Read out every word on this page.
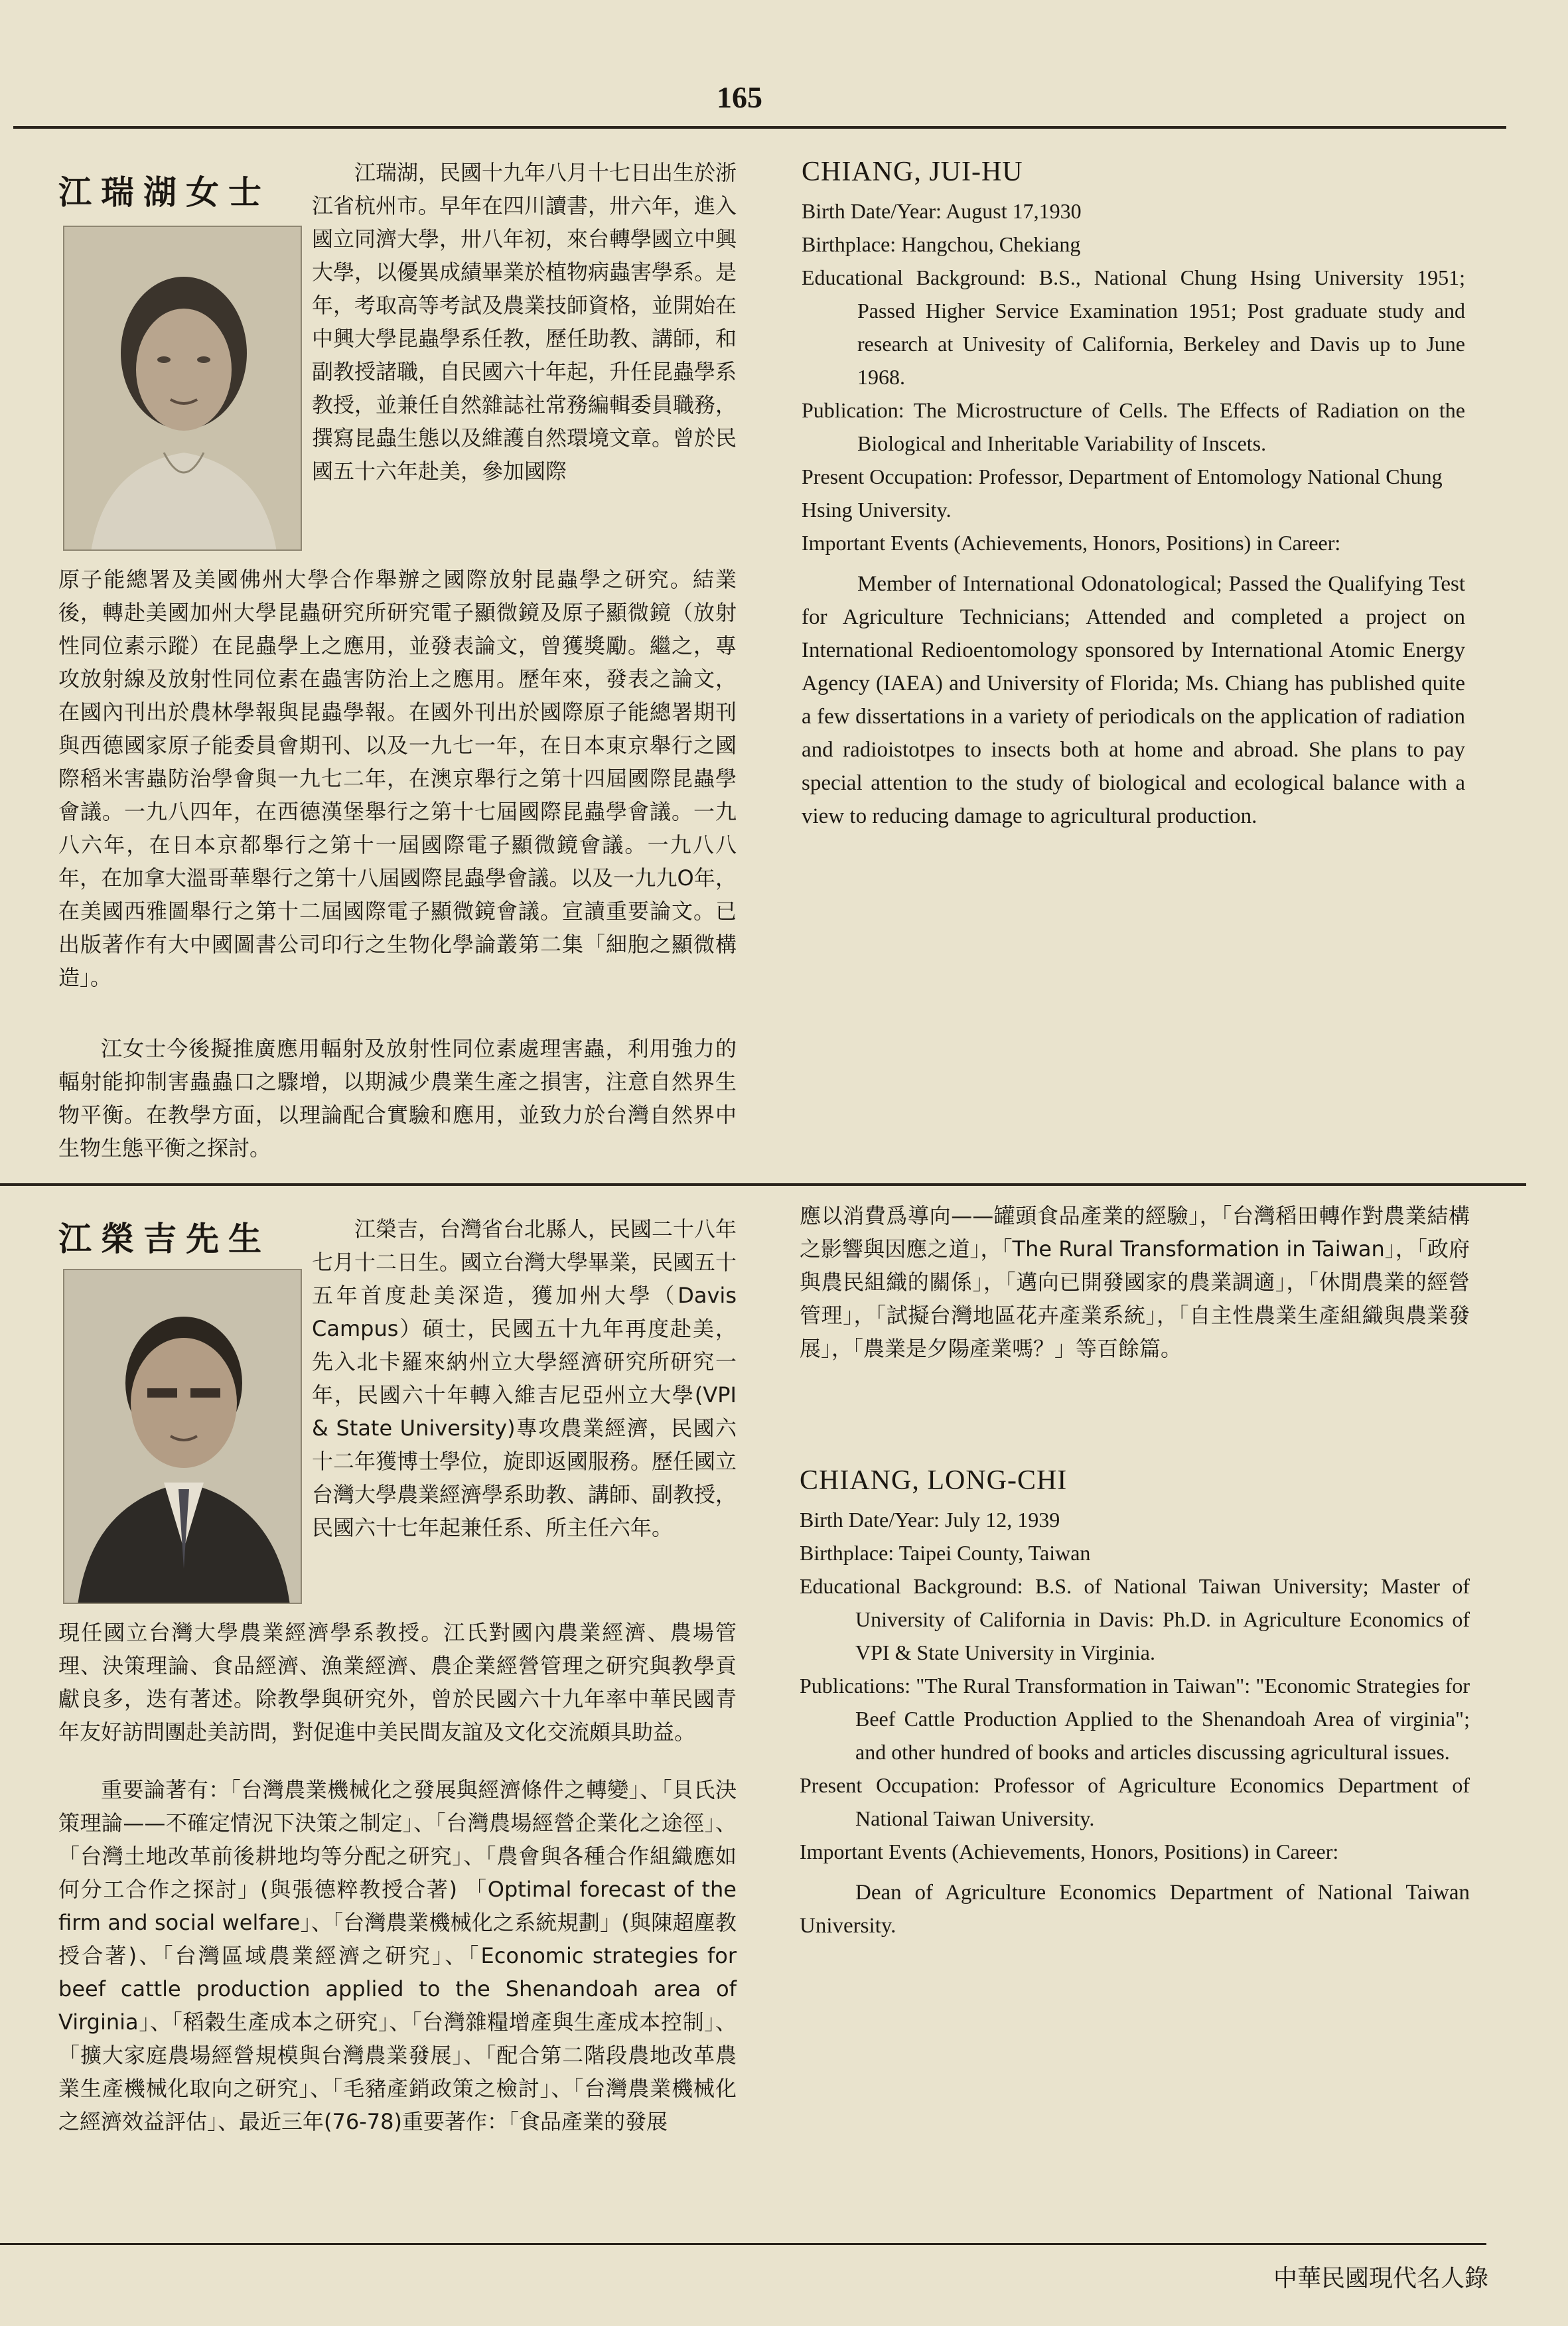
165
江瑞湖女士
江瑞湖，民國十九年八月十七日出生於浙江省杭州市。早年在四川讀書，卅六年，進入國立同濟大學，卅八年初，來台轉學國立中興大學，以優異成績畢業於植物病蟲害學系。是年，考取高等考試及農業技師資格，並開始在中興大學昆蟲學系任教，歷任助教、講師，和副教授諸職，自民國六十年起，升任昆蟲學系教授，並兼任自然雜誌社常務編輯委員職務，撰寫昆蟲生態以及維護自然環境文章。曾於民國五十六年赴美，參加國際
原子能總署及美國佛州大學合作舉辦之國際放射昆蟲學之研究。結業後，轉赴美國加州大學昆蟲研究所研究電子顯微鏡及原子顯微鏡（放射性同位素示蹤）在昆蟲學上之應用，並發表論文，曾獲獎勵。繼之，專攻放射線及放射性同位素在蟲害防治上之應用。歷年來，發表之論文，在國內刊出於農林學報與昆蟲學報。在國外刊出於國際原子能總署期刊與西德國家原子能委員會期刊、以及一九七一年，在日本東京舉行之國際稻米害蟲防治學會與一九七二年，在澳京舉行之第十四屆國際昆蟲學會議。一九八四年，在西德漢堡舉行之第十七屆國際昆蟲學會議。一九八六年，在日本京都舉行之第十一屆國際電子顯微鏡會議。一九八八年，在加拿大溫哥華舉行之第十八屆國際昆蟲學會議。以及一九九O年，在美國西雅圖舉行之第十二屆國際電子顯微鏡會議。宣讀重要論文。已出版著作有大中國圖書公司印行之生物化學論叢第二集「細胞之顯微構造」。
江女士今後擬推廣應用輻射及放射性同位素處理害蟲，利用強力的輻射能抑制害蟲蟲口之驟增，以期減少農業生產之損害，注意自然界生物平衡。在教學方面，以理論配合實驗和應用，並致力於台灣自然界中生物生態平衡之探討。
CHIANG, JUI-HU
Birth Date/Year: August 17,1930
Birthplace: Hangchou, Chekiang
Educational Background: B.S., National Chung Hsing University 1951; Passed Higher Service Examination 1951; Post graduate study and research at Univesity of California, Berkeley and Davis up to June 1968.
Publication: The Microstructure of Cells. The Effects of Radiation on the Biological and Inheritable Variability of Inscets.
Present Occupation: Professor, Department of Entomology National Chung Hsing University.
Important Events (Achievements, Honors, Positions) in Career:
Member of International Odonatological; Passed the Qualifying Test for Agriculture Technicians; Attended and completed a project on International Redioentomology sponsored by International Atomic Energy Agency (IAEA) and University of Florida; Ms. Chiang has published quite a few dissertations in a variety of periodicals on the application of radiation and radioistotpes to insects both at home and abroad. She plans to pay special attention to the study of biological and ecological balance with a view to reducing damage to agricultural production.
江榮吉先生	江榮吉，台灣省台北縣人，民國二十八年七月十二日生。國立台灣大學畢業，民國五十五年首度赴美深造，獲加州大學（Davis Campus）碩士，民國五十九年再度赴美，先入北卡羅來納州立大學經濟研究所研究一年，民國六十年轉入維吉尼亞州立大學(VPI & State University)專攻農業經濟，民國六十二年獲博士學位，旋即返國服務。歷任國立台灣大學農業經濟學系助教、講師、副教授，民國六十七年起兼任系、所主任六年。
現任國立台灣大學農業經濟學系教授。江氏對國內農業經濟、農場管理、決策理論、食品經濟、漁業經濟、農企業經營管理之研究與教學貢獻良多，迭有著述。除教學與研究外，曾於民國六十九年率中華民國青年友好訪問團赴美訪問，對促進中美民間友誼及文化交流頗具助益。
重要論著有：「台灣農業機械化之發展與經濟條件之轉變」、「貝氏決策理論——不確定情況下決策之制定」、「台灣農場經營企業化之途徑」、「台灣土地改革前後耕地均等分配之研究」、「農會與各種合作組織應如何分工合作之探討」(與張德粹教授合著) 「Optimal forecast of the firm and social welfare」、「台灣農業機械化之系統規劃」(與陳超塵教授合著)、「台灣區域農業經濟之研究」、「Economic strategies for beef cattle production applied to the Shenandoah area of Virginia」、「稻穀生產成本之研究」、「台灣雜糧增產與生產成本控制」、「擴大家庭農場經營規模與台灣農業發展」、「配合第二階段農地改革農業生產機械化取向之研究」、「毛豬產銷政策之檢討」、「台灣農業機械化之經濟效益評估」、最近三年(76-78)重要著作：「食品產業的發展
應以消費爲導向——罐頭食品產業的經驗」，「台灣稻田轉作對農業結構之影響與因應之道」，「The Rural Transformation in Taiwan」，「政府與農民組織的關係」，「邁向已開發國家的農業調適」，「休閒農業的經營管理」，「試擬台灣地區花卉產業系統」，「自主性農業生產組織與農業發展」，「農業是夕陽產業嗎？」等百餘篇。
CHIANG, LONG-CHI
Birth Date/Year: July 12, 1939
Birthplace: Taipei County, Taiwan
Educational Background: B.S. of National Taiwan University; Master of University of California in Davis: Ph.D. in Agriculture Economics of VPI & State University in Virginia.
Publications: "The Rural Transformation in Taiwan": "Economic Strategies for Beef Cattle Production Applied to the Shenandoah Area of virginia"; and other hundred of books and articles discussing agricultural issues.
Present Occupation: Professor of Agriculture Economics Department of National Taiwan University.
Important Events (Achievements, Honors, Positions) in Career:
Dean of Agriculture Economics Department of National Taiwan University.
中華民國現代名人錄
